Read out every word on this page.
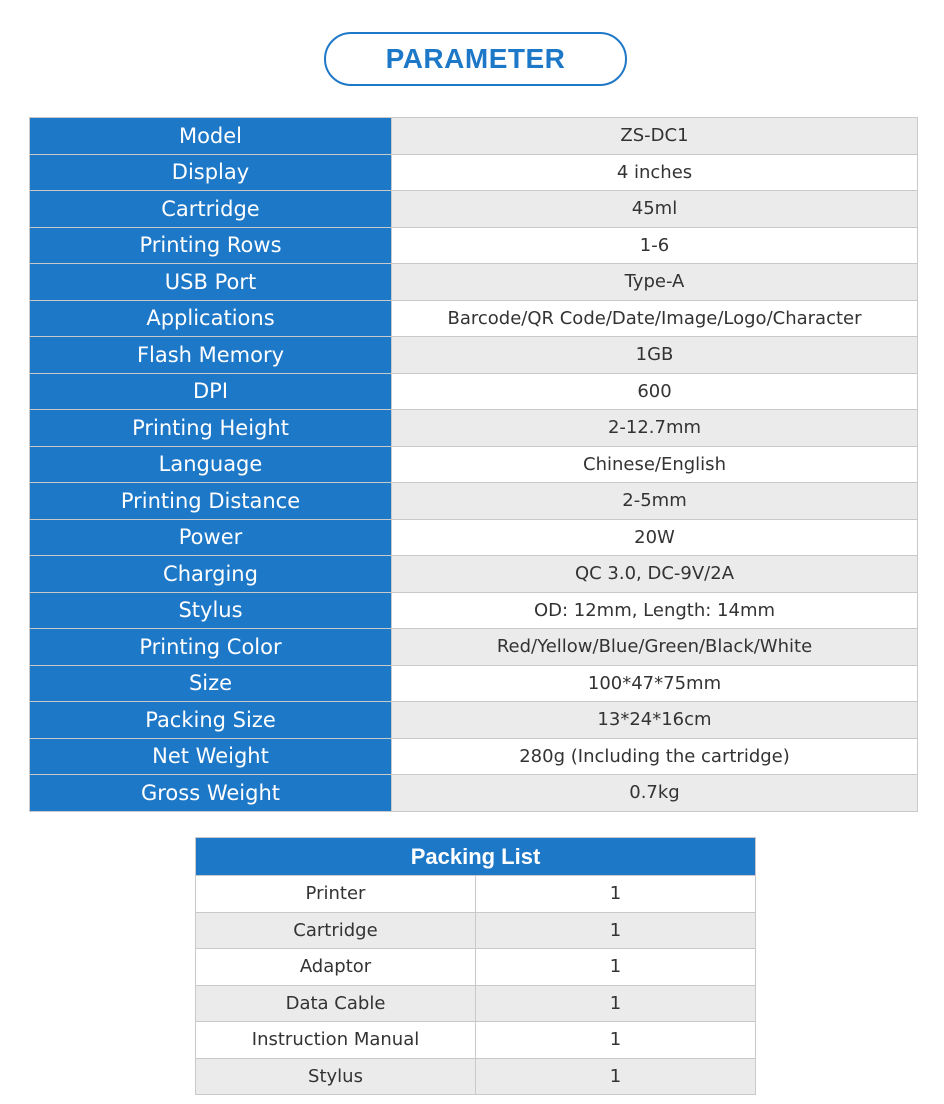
PARAMETER
Model	ZS-DC1
Display	4 inches
Cartridge	45ml
Printing Rows	1-6
USB Port	Type-A
Applications	Barcode/QR Code/Date/Image/Logo/Character
Flash Memory	1GB
DPI	600
Printing Height	2-12.7mm
Language	Chinese/English
Printing Distance	2-5mm
Power	20W
Charging	QC 3.0, DC-9V/2A
Stylus	OD: 12mm, Length: 14mm
Printing Color	Red/Yellow/Blue/Green/Black/White
Size	100*47*75mm
Packing Size	13*24*16cm
Net Weight	280g (Including the cartridge)
Gross Weight	0.7kg
Packing List	
Printer	1
Cartridge	1
Adaptor	1
Data Cable	1
Instruction Manual	1
Stylus	1
